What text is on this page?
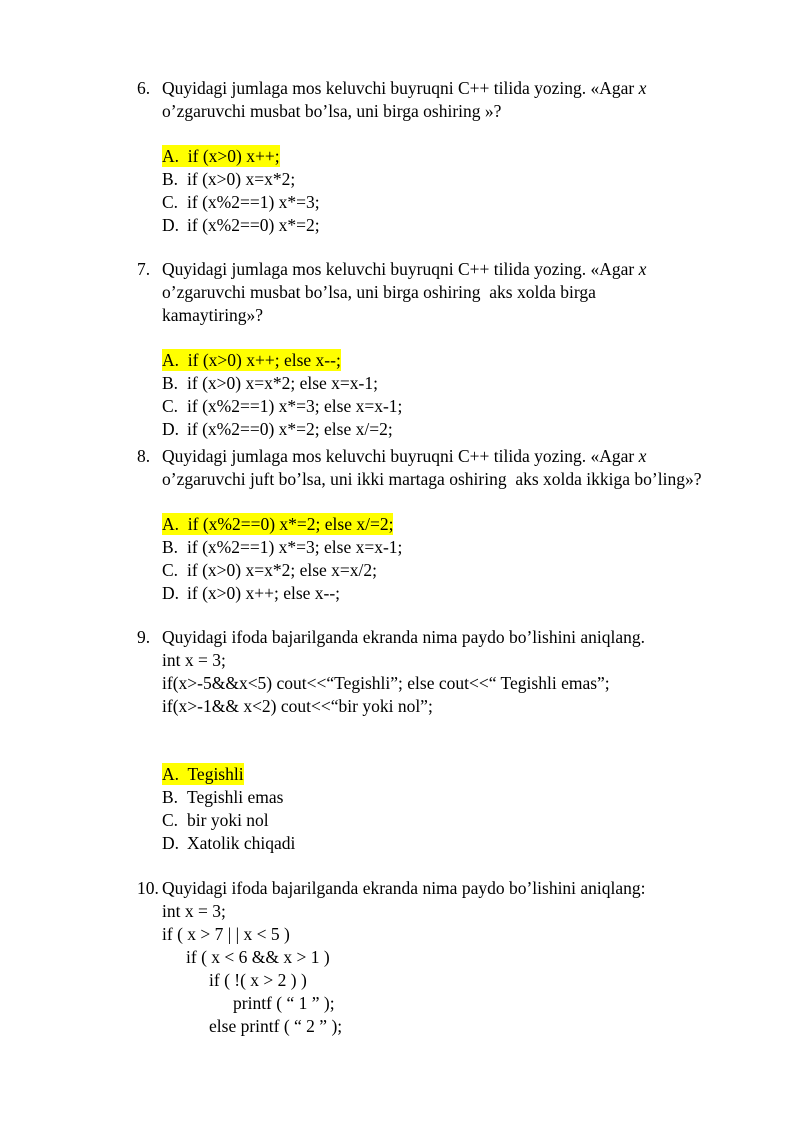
6. Quyidagi jumlaga mos keluvchi buyruqni C++ tilida yozing. «Agar x
o’zgaruvchi musbat bo’lsa, uni birga oshiring »?

A. if (x>0) x++;

B. if (x>0) x=x*2;

C. if (x%2==1) x*=3;

D. if (x%2==0) x*=2;

7. Quyidagi jumlaga mos keluvchi buyruqni C++ tilida yozing. «Agar x
o’zgaruvchi musbat bo’lsa, uni birga oshiring  aks xolda birga
kamaytiring»?

A. if (x>0) x++; else x--;

B. if (x>0) x=x*2; else x=x-1;

C. if (x%2==1) x*=3; else x=x-1;

D. if (x%2==0) x*=2; else x/=2;

8. Quyidagi jumlaga mos keluvchi buyruqni C++ tilida yozing. «Agar x
o’zgaruvchi juft bo’lsa, uni ikki martaga oshiring  aks xolda ikkiga bo’ling»?

A. if (x%2==0) x*=2; else x/=2;

B. if (x%2==1) x*=3; else x=x-1;

C. if (x>0) x=x*2; else x=x/2;

D. if (x>0) x++; else x--;

9. Quyidagi ifoda bajarilganda ekranda nima paydo bo’lishini aniqlang.
int x = 3;
if(x>-5&&x<5) cout<<“Tegishli”; else cout<<“ Tegishli emas”;
if(x>-1&& x<2) cout<<“bir yoki nol”;

A. Tegishli

B. Tegishli emas

C. bir yoki nol

D. Xatolik chiqadi

10. Quyidagi ifoda bajarilganda ekranda nima paydo bo’lishini aniqlang:
int x = 3;
if ( x > 7 | | x < 5 )
if ( x < 6 && x > 1 )
if ( !( x > 2 ) )
printf ( “ 1 ” );
else printf ( “ 2 ” );
